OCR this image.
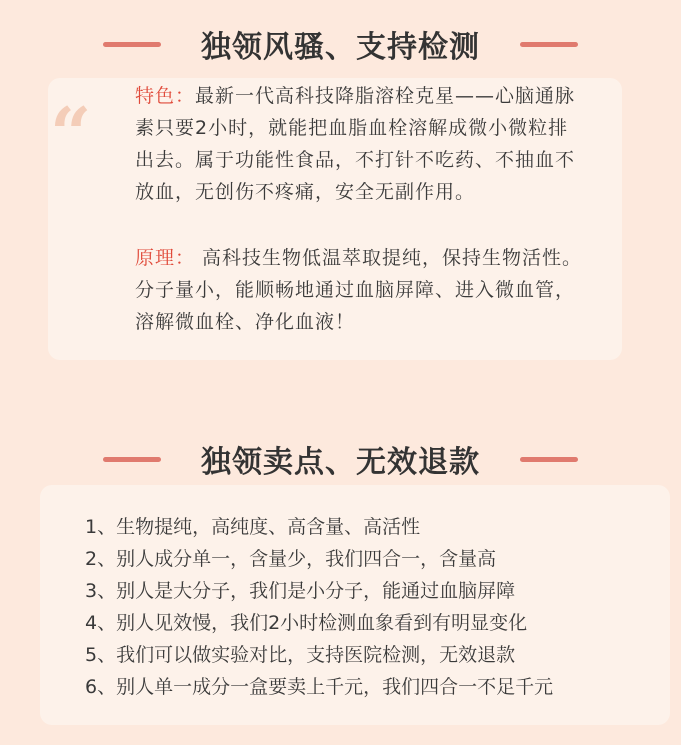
独领风骚、支持检测
“ 特色：最新一代高科技降脂溶栓克星——心脑通脉素只要2小时，就能把血脂血栓溶解成微小微粒排出去。属于功能性食品，不打针不吃药、不抽血不放血，无创伤不疼痛，安全无副作用。
原理： 高科技生物低温萃取提纯，保持生物活性。分子量小，能顺畅地通过血脑屏障、进入微血管，溶解微血栓、净化血液！
独领卖点、无效退款
1、生物提纯，高纯度、高含量、高活性
2、别人成分单一，含量少，我们四合一，含量高
3、别人是大分子，我们是小分子，能通过血脑屏障
4、别人见效慢，我们2小时检测血象看到有明显变化
5、我们可以做实验对比，支持医院检测，无效退款
6、别人单一成分一盒要卖上千元，我们四合一不足千元
